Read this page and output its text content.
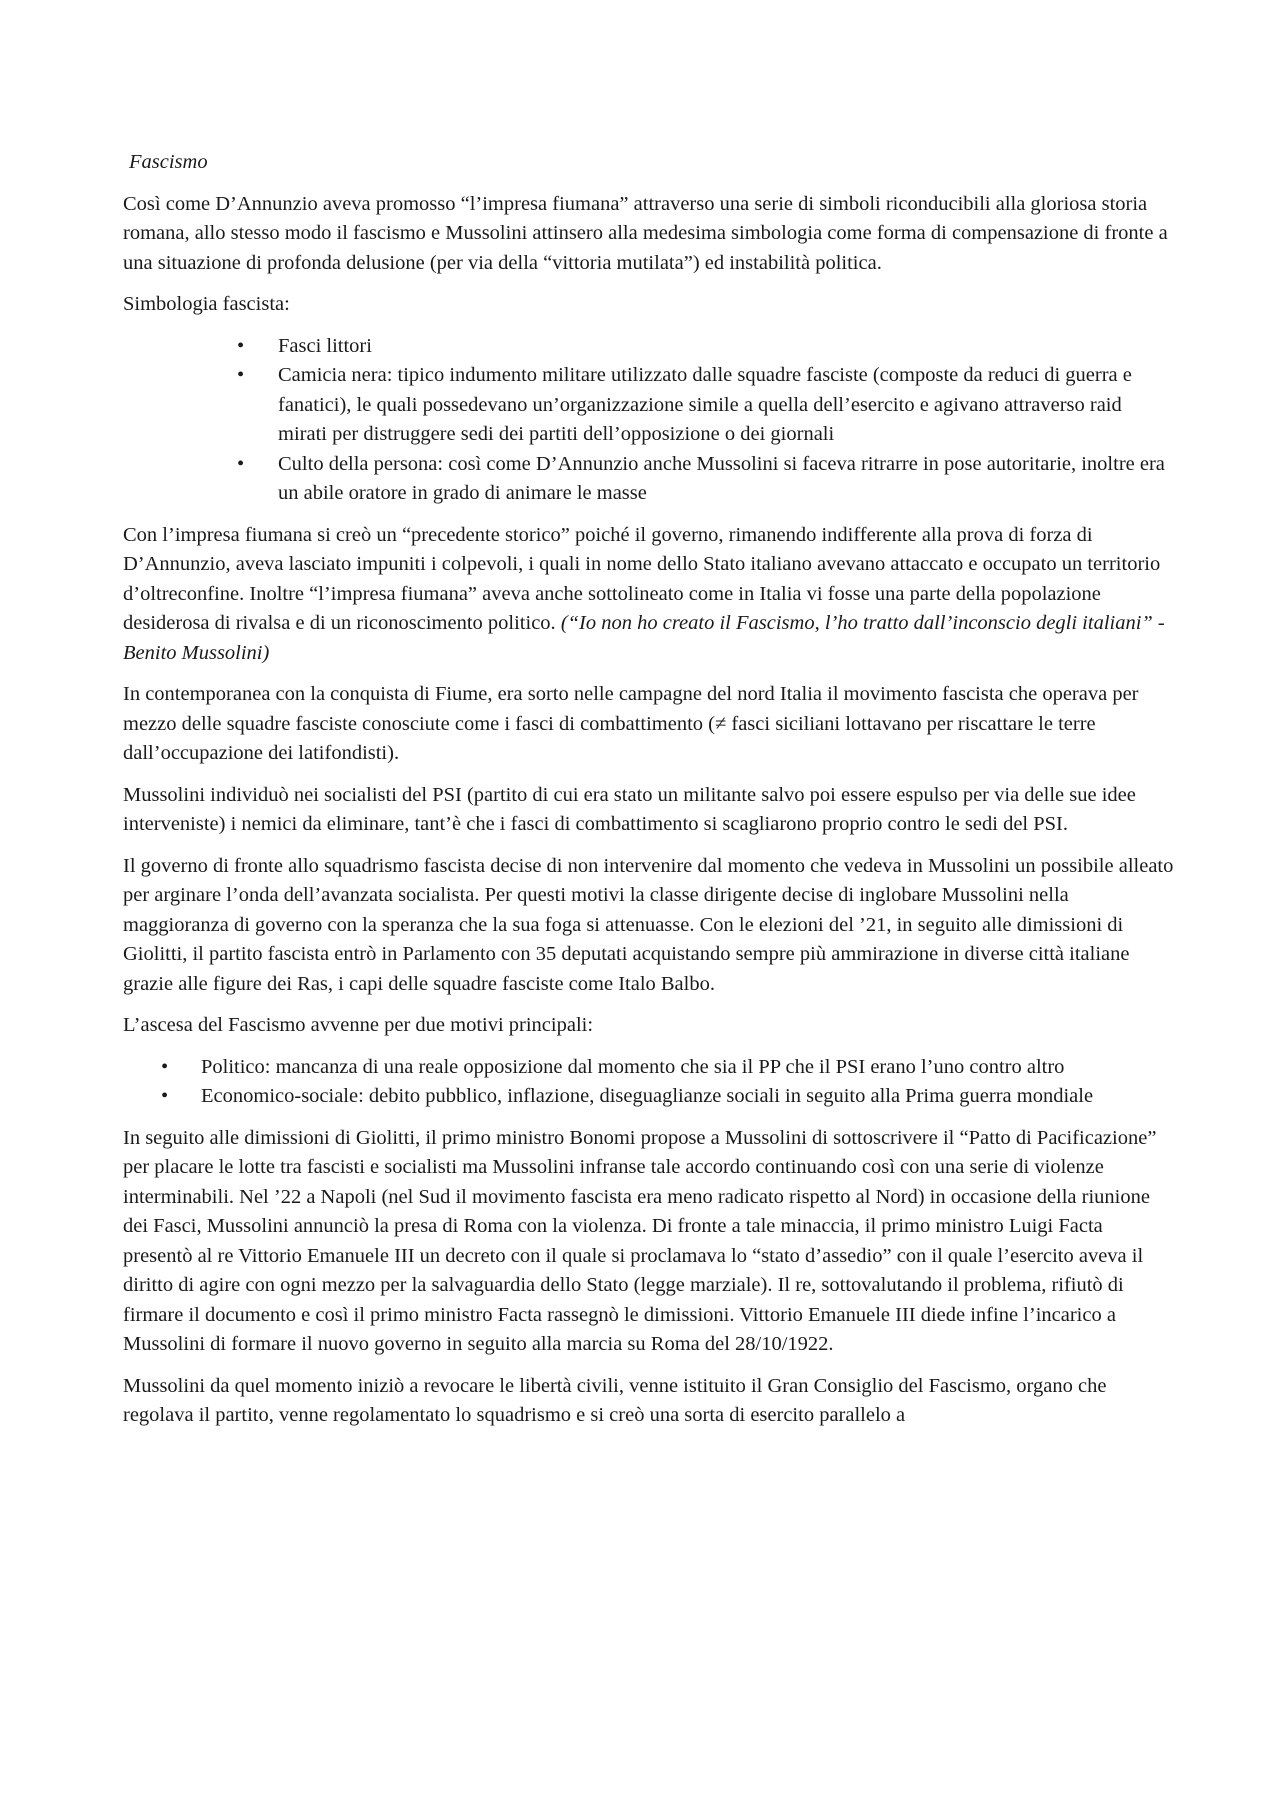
Fascismo

Così come D’Annunzio aveva promosso “l’impresa fiumana” attraverso una serie di simboli riconducibili alla gloriosa storia romana, allo stesso modo il fascismo e Mussolini attinsero alla medesima simbologia come forma di compensazione di fronte a una situazione di profonda delusione (per via della “vittoria mutilata”) ed instabilità politica.

Simbologia fascista:

• Fasci littori
• Camicia nera: tipico indumento militare utilizzato dalle squadre fasciste (composte da reduci di guerra e fanatici), le quali possedevano un’organizzazione simile a quella dell’esercito e agivano attraverso raid mirati per distruggere sedi dei partiti dell’opposizione o dei giornali
• Culto della persona: così come D’Annunzio anche Mussolini si faceva ritrarre in pose autoritarie, inoltre era un abile oratore in grado di animare le masse

Con l’impresa fiumana si creò un “precedente storico” poiché il governo, rimanendo indifferente alla prova di forza di D’Annunzio, aveva lasciato impuniti i colpevoli, i quali in nome dello Stato italiano avevano attaccato e occupato un territorio d’oltreconfine. Inoltre “l’impresa fiumana” aveva anche sottolineato come in Italia vi fosse una parte della popolazione desiderosa di rivalsa e di un riconoscimento politico. (“Io non ho creato il Fascismo, l’ho tratto dall’inconscio degli italiani” - Benito Mussolini)

In contemporanea con la conquista di Fiume, era sorto nelle campagne del nord Italia il movimento fascista che operava per mezzo delle squadre fasciste conosciute come i fasci di combattimento (≠ fasci siciliani lottavano per riscattare le terre dall’occupazione dei latifondisti).

Mussolini individuò nei socialisti del PSI (partito di cui era stato un militante salvo poi essere espulso per via delle sue idee interveniste) i nemici da eliminare, tant’è che i fasci di combattimento si scagliarono proprio contro le sedi del PSI.

Il governo di fronte allo squadrismo fascista decise di non intervenire dal momento che vedeva in Mussolini un possibile alleato per arginare l’onda dell’avanzata socialista. Per questi motivi la classe dirigente decise di inglobare Mussolini nella maggioranza di governo con la speranza che la sua foga si attenuasse. Con le elezioni del ’21, in seguito alle dimissioni di Giolitti, il partito fascista entrò in Parlamento con 35 deputati acquistando sempre più ammirazione in diverse città italiane grazie alle figure dei Ras, i capi delle squadre fasciste come Italo Balbo.

L’ascesa del Fascismo avvenne per due motivi principali:

• Politico: mancanza di una reale opposizione dal momento che sia il PP che il PSI erano l’uno contro altro
• Economico-sociale: debito pubblico, inflazione, diseguaglianze sociali in seguito alla Prima guerra mondiale

In seguito alle dimissioni di Giolitti, il primo ministro Bonomi propose a Mussolini di sottoscrivere il “Patto di Pacificazione” per placare le lotte tra fascisti e socialisti ma Mussolini infranse tale accordo continuando così con una serie di violenze interminabili. Nel ’22 a Napoli (nel Sud il movimento fascista era meno radicato rispetto al Nord) in occasione della riunione dei Fasci, Mussolini annunciò la presa di Roma con la violenza. Di fronte a tale minaccia, il primo ministro Luigi Facta presentò al re Vittorio Emanuele III un decreto con il quale si proclamava lo “stato d’assedio” con il quale l’esercito aveva il diritto di agire con ogni mezzo per la salvaguardia dello Stato (legge marziale). Il re, sottovalutando il problema, rifiutò di firmare il documento e così il primo ministro Facta rassegnò le dimissioni. Vittorio Emanuele III diede infine l’incarico a Mussolini di formare il nuovo governo in seguito alla marcia su Roma del 28/10/1922.

Mussolini da quel momento iniziò a revocare le libertà civili, venne istituito il Gran Consiglio del Fascismo, organo che regolava il partito, venne regolamentato lo squadrismo e si creò una sorta di esercito parallelo a
